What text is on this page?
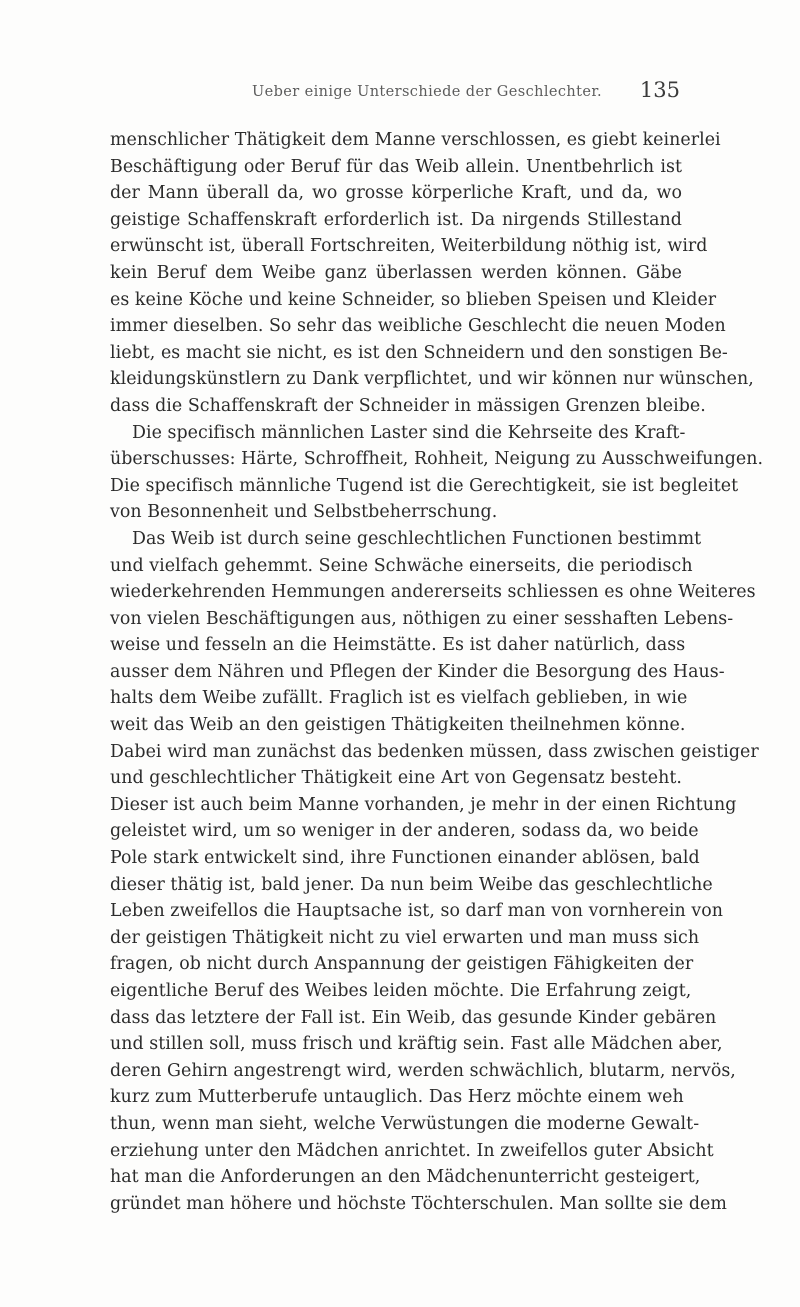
Ueber einige Unterschiede der Geschlechter. 135
menschlicher Thätigkeit dem Manne verschlossen, es giebt keinerlei
Beschäftigung oder Beruf für das Weib allein. Unentbehrlich ist
der Mann überall da, wo grosse körperliche Kraft, und da, wo
geistige Schaffenskraft erforderlich ist. Da nirgends Stillestand
erwünscht ist, überall Fortschreiten, Weiterbildung nöthig ist, wird
kein Beruf dem Weibe ganz überlassen werden können. Gäbe
es keine Köche und keine Schneider, so blieben Speisen und Kleider
immer dieselben. So sehr das weibliche Geschlecht die neuen Moden
liebt, es macht sie nicht, es ist den Schneidern und den sonstigen Be-
kleidungskünstlern zu Dank verpflichtet, und wir können nur wünschen,
dass die Schaffenskraft der Schneider in mässigen Grenzen bleibe.
Die specifisch männlichen Laster sind die Kehrseite des Kraft-
überschusses: Härte, Schroffheit, Rohheit, Neigung zu Ausschweifungen.
Die specifisch männliche Tugend ist die Gerechtigkeit, sie ist begleitet
von Besonnenheit und Selbstbeherrschung.
Das Weib ist durch seine geschlechtlichen Functionen bestimmt
und vielfach gehemmt. Seine Schwäche einerseits, die periodisch
wiederkehrenden Hemmungen andererseits schliessen es ohne Weiteres
von vielen Beschäftigungen aus, nöthigen zu einer sesshaften Lebens-
weise und fesseln an die Heimstätte. Es ist daher natürlich, dass
ausser dem Nähren und Pflegen der Kinder die Besorgung des Haus-
halts dem Weibe zufällt. Fraglich ist es vielfach geblieben, in wie
weit das Weib an den geistigen Thätigkeiten theilnehmen könne.
Dabei wird man zunächst das bedenken müssen, dass zwischen geistiger
und geschlechtlicher Thätigkeit eine Art von Gegensatz besteht.
Dieser ist auch beim Manne vorhanden, je mehr in der einen Richtung
geleistet wird, um so weniger in der anderen, sodass da, wo beide
Pole stark entwickelt sind, ihre Functionen einander ablösen, bald
dieser thätig ist, bald jener. Da nun beim Weibe das geschlechtliche
Leben zweifellos die Hauptsache ist, so darf man von vornherein von
der geistigen Thätigkeit nicht zu viel erwarten und man muss sich
fragen, ob nicht durch Anspannung der geistigen Fähigkeiten der
eigentliche Beruf des Weibes leiden möchte. Die Erfahrung zeigt,
dass das letztere der Fall ist. Ein Weib, das gesunde Kinder gebären
und stillen soll, muss frisch und kräftig sein. Fast alle Mädchen aber,
deren Gehirn angestrengt wird, werden schwächlich, blutarm, nervös,
kurz zum Mutterberufe untauglich. Das Herz möchte einem weh
thun, wenn man sieht, welche Verwüstungen die moderne Gewalt-
erziehung unter den Mädchen anrichtet. In zweifellos guter Absicht
hat man die Anforderungen an den Mädchenunterricht gesteigert,
gründet man höhere und höchste Töchterschulen. Man sollte sie dem
